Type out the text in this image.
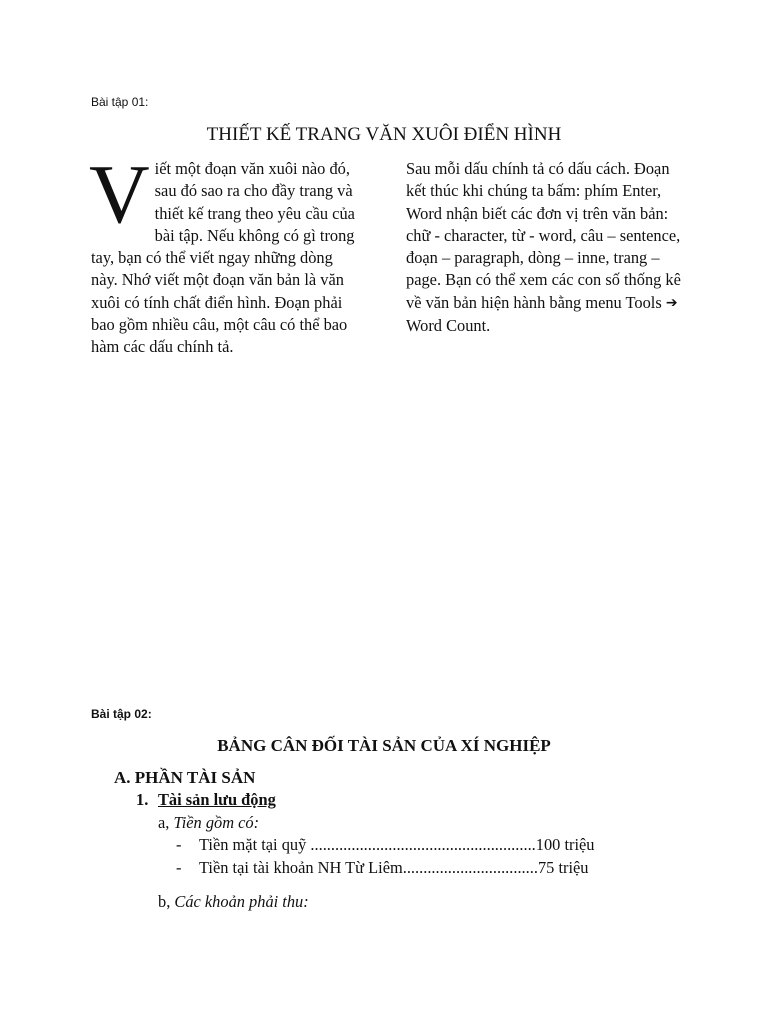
Bài tập 01:
THIẾT KẾ TRANG VĂN XUÔI ĐIỂN HÌNH
V iết một đoạn văn xuôi nào đó, sau đó sao ra cho đầy trang và thiết kế trang theo yêu cầu của bài tập. Nếu không có gì trong tay, bạn có thể viết ngay những dòng này. Nhớ viết một đoạn văn bản là văn xuôi có tính chất điển hình. Đoạn phải bao gồm nhiều câu, một câu có thể bao hàm các dấu chính tả.
Sau mỗi dấu chính tả có dấu cách. Đoạn kết thúc khi chúng ta bấm: phím Enter, Word nhận biết các đơn vị trên văn bản: chữ - character, từ - word, câu – sentence, đoạn – paragraph, dòng – inne, trang – page. Bạn có thể xem các con số thống kê về văn bản hiện hành bằng menu Tools ➔ Word Count.
Bài tập 02:
BẢNG CÂN ĐỐI TÀI SẢN CỦA XÍ NGHIỆP
A. PHẦN TÀI SẢN
1. Tài sản lưu động
a, Tiền gồm có:
- Tiền mặt tại quỹ .......................................................100 triệu
- Tiền tại tài khoản NH Từ Liêm.................................75 triệu
b, Các khoản phải thu:
